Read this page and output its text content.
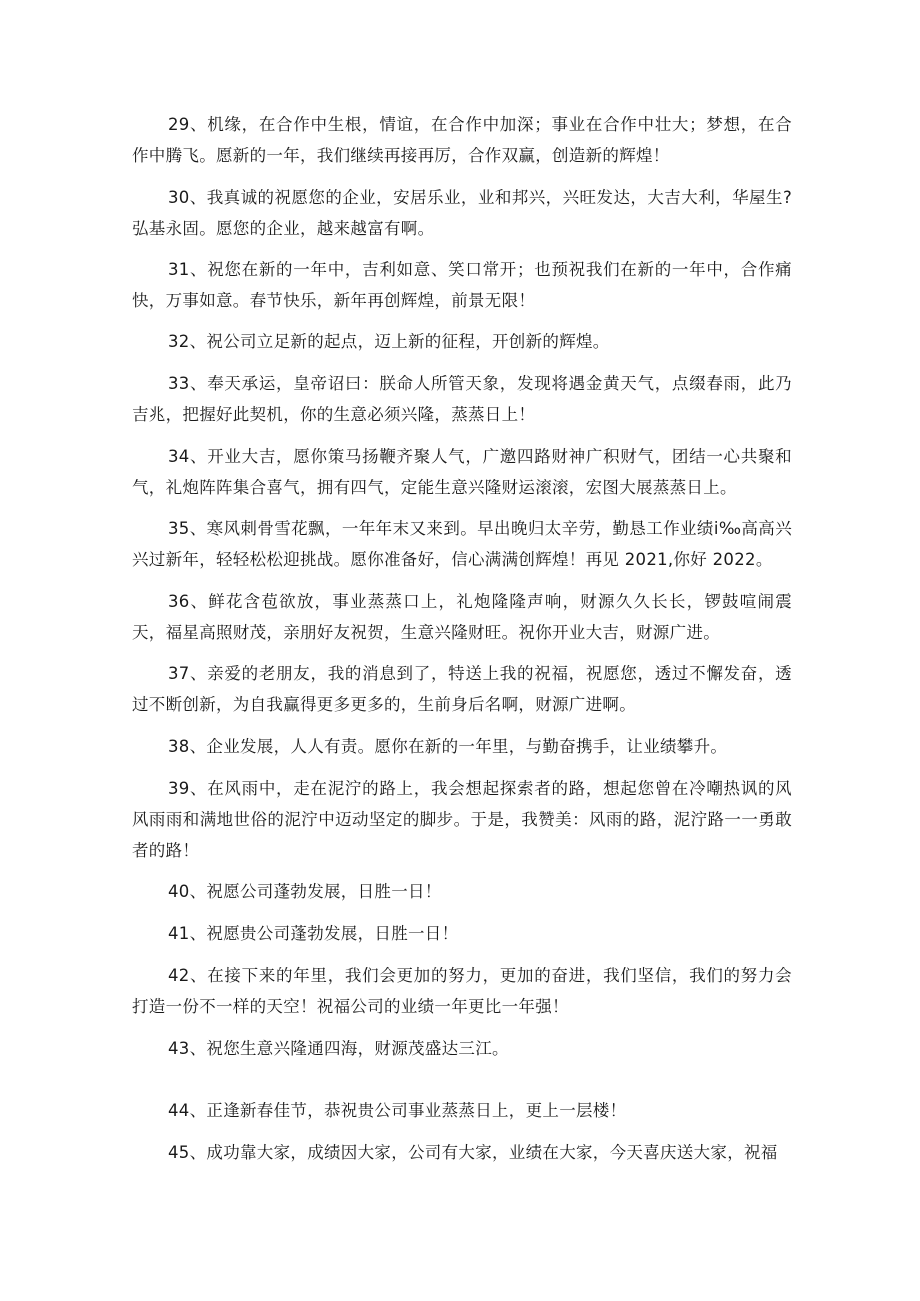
29、机缘，在合作中生根，情谊，在合作中加深；事业在合作中壮大；梦想，在合作中腾飞。愿新的一年，我们继续再接再厉，合作双赢，创造新的辉煌！

30、我真诚的祝愿您的企业，安居乐业，业和邦兴，兴旺发达，大吉大利，华屋生?弘基永固。愿您的企业，越来越富有啊。

31、祝您在新的一年中，吉利如意、笑口常开；也预祝我们在新的一年中，合作痛快，万事如意。春节快乐，新年再创辉煌，前景无限！

32、祝公司立足新的起点，迈上新的征程，开创新的辉煌。

33、奉天承运，皇帝诏曰：朕命人所管天象，发现将遇金黄天气，点缀春雨，此乃吉兆，把握好此契机，你的生意必须兴隆，蒸蒸日上！

34、开业大吉，愿你策马扬鞭齐聚人气，广邀四路财神广积财气，团结一心共聚和气，礼炮阵阵集合喜气，拥有四气，定能生意兴隆财运滚滚，宏图大展蒸蒸日上。

35、寒风刺骨雪花飘，一年年末又来到。早出晚归太辛劳，勤恳工作业绩i‰高高兴兴过新年，轻轻松松迎挑战。愿你准备好，信心满满创辉煌！再见 2021,你好 2022。

36、鲜花含苞欲放，事业蒸蒸口上，礼炮隆隆声响，财源久久长长，锣鼓喧闹震天，福星高照财茂，亲朋好友祝贺，生意兴隆财旺。祝你开业大吉，财源广进。

37、亲爱的老朋友，我的消息到了，特送上我的祝福，祝愿您，透过不懈发奋，透过不断创新，为自我赢得更多更多的，生前身后名啊，财源广进啊。

38、企业发展，人人有责。愿你在新的一年里，与勤奋携手，让业绩攀升。

39、在风雨中，走在泥泞的路上，我会想起探索者的路，想起您曾在冷嘲热讽的风风雨雨和满地世俗的泥泞中迈动坚定的脚步。于是，我赞美：风雨的路，泥泞路一一勇敢者的路！

40、祝愿公司蓬勃发展，日胜一日！

41、祝愿贵公司蓬勃发展，日胜一日！

42、在接下来的年里，我们会更加的努力，更加的奋进，我们坚信，我们的努力会打造一份不一样的天空！祝福公司的业绩一年更比一年强！

43、祝您生意兴隆通四海，财源茂盛达三江。

44、正逢新春佳节，恭祝贵公司事业蒸蒸日上，更上一层楼！

45、成功靠大家，成绩因大家，公司有大家，业绩在大家，今天喜庆送大家，祝福
